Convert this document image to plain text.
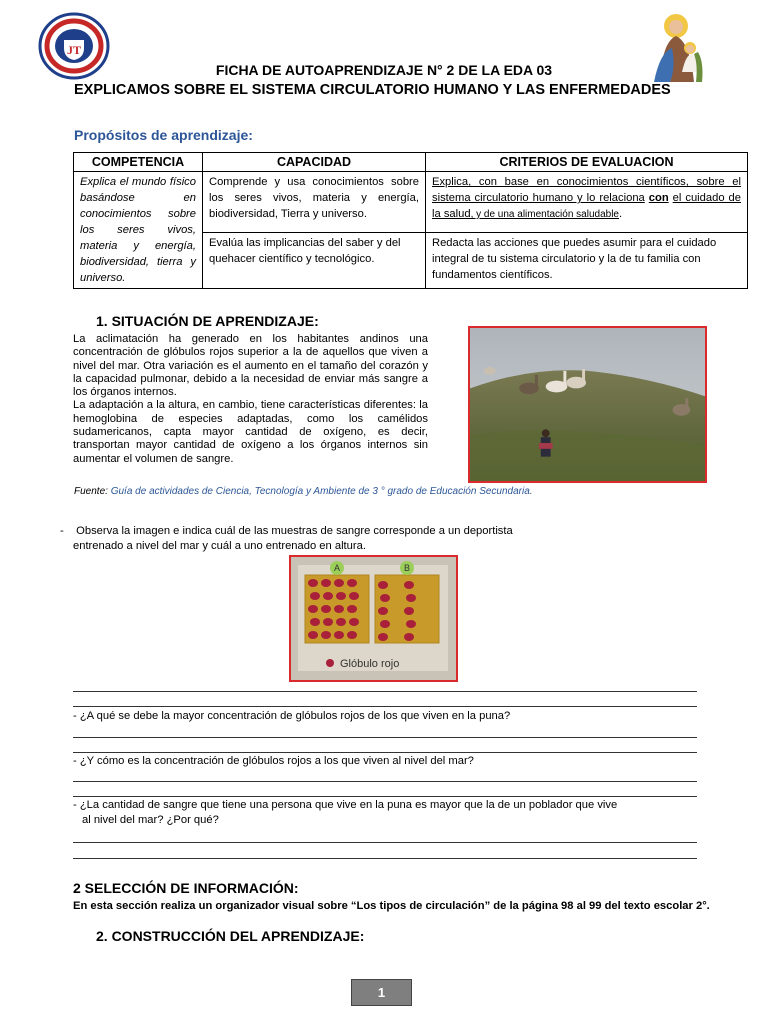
JT
FICHA DE AUTOAPRENDIZAJE N° 2 DE LA EDA 03
EXPLICAMOS SOBRE EL SISTEMA CIRCULATORIO HUMANO Y LAS ENFERMEDADES
Propósitos de aprendizaje:
COMPETENCIA	CAPACIDAD	CRITERIOS DE EVALUACION
Explica el mundo físico basándose en conocimientos sobre los seres vivos, materia y energía, biodiversidad, tierra y universo.	Comprende y usa conocimientos sobre los seres vivos, materia y energía, biodiversidad, Tierra y universo.	Explica, con base en conocimientos científicos, sobre el sistema circulatorio humano y lo relaciona con el cuidado de la salud, y de una alimentación saludable.
	Evalúa las implicancias del saber y del quehacer científico y tecnológico.	Redacta las acciones que puedes asumir para el cuidado integral de tu sistema circulatorio y la de tu familia con fundamentos científicos.
1. SITUACIÓN DE APRENDIZAJE:
La aclimatación ha generado en los habitantes andinos una concentración de glóbulos rojos superior a la de aquellos que viven a nivel del mar. Otra variación es el aumento en el tamaño del corazón y la capacidad pulmonar, debido a la necesidad de enviar más sangre a los órganos internos.
La adaptación a la altura, en cambio, tiene características diferentes: la hemoglobina de especies adaptadas, como los camélidos sudamericanos, capta mayor cantidad de oxígeno, es decir, transportan mayor cantidad de oxígeno a los órganos internos sin aumentar el volumen de sangre.
Fuente: Guía de actividades de Ciencia, Tecnología y Ambiente de 3 ° grado de Educación Secundaria.
-    Observa la imagen e indica cuál de las muestras de sangre corresponde a un deportista
entrenado a nivel del mar y cuál a uno entrenado en altura.
A	B
Glóbulo rojo
- ¿A qué se debe la mayor concentración de glóbulos rojos de los que viven en la puna?
- ¿Y cómo es la concentración de glóbulos rojos a los que viven al nivel del mar?
- ¿La cantidad de sangre que tiene una persona que vive en la puna es mayor que la de un poblador que vive
al nivel del mar? ¿Por qué?
2 SELECCIÓN DE INFORMACIÓN:
En esta sección realiza un organizador visual sobre “Los tipos de circulación” de la página 98 al 99 del texto escolar 2°.
2. CONSTRUCCIÓN DEL APRENDIZAJE:
1
